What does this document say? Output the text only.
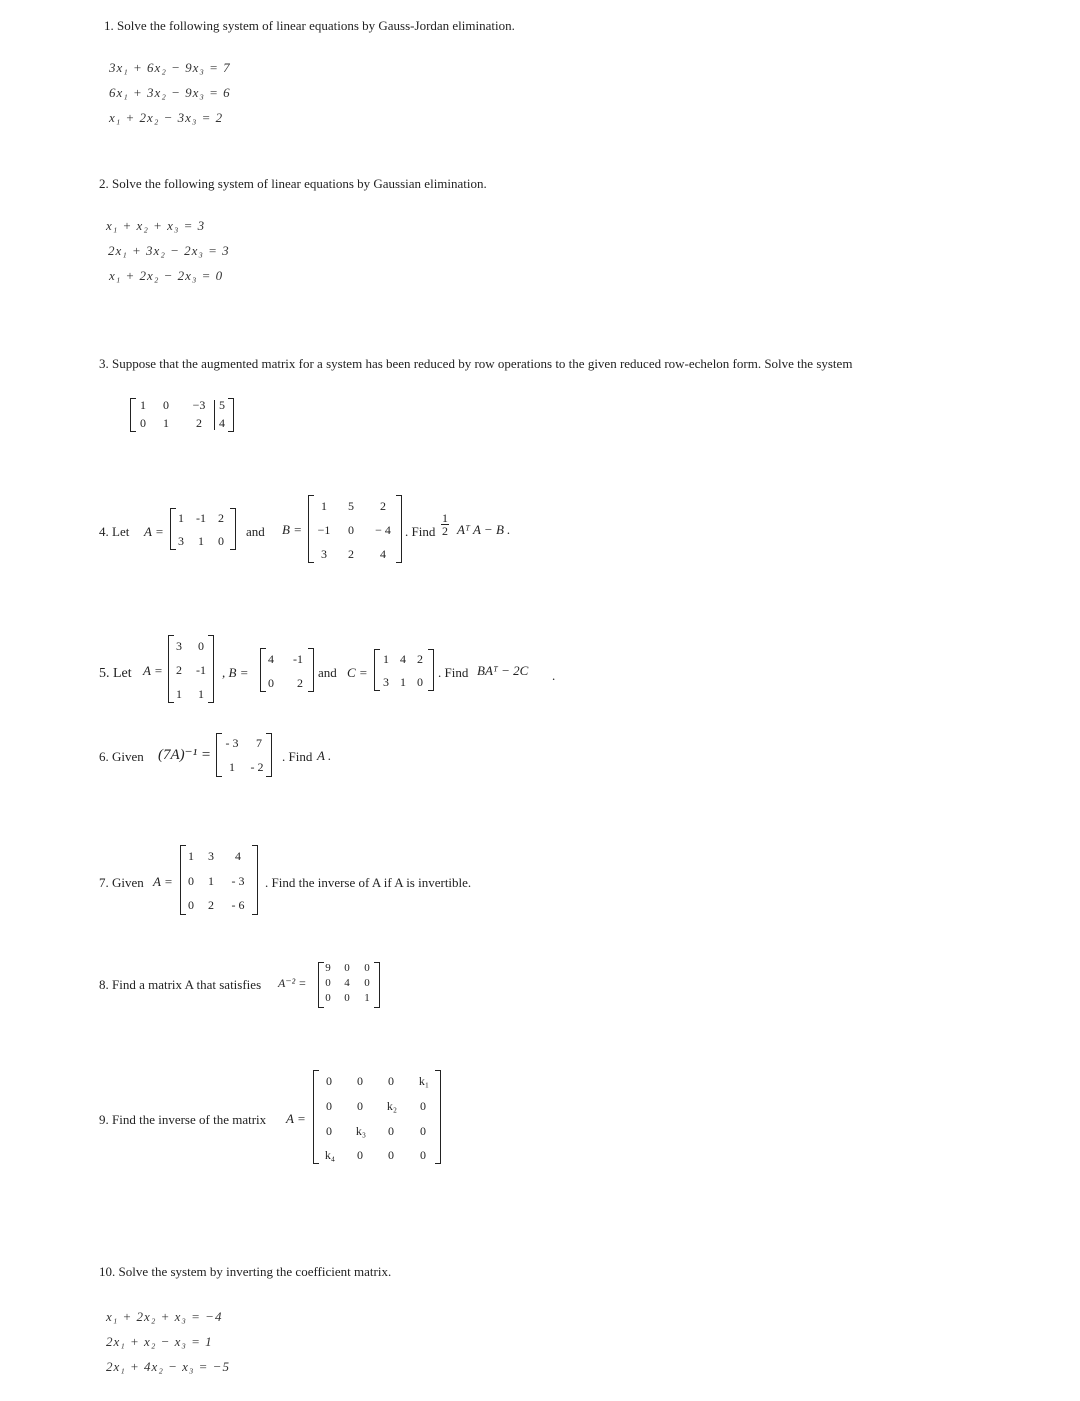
1. Solve the following system of linear equations by Gauss-Jordan elimination.
3x₁ + 6x₂ − 9x₃ = 7
6x₁ + 3x₂ − 9x₃ = 6
x₁ + 2x₂ − 3x₃ = 2
2. Solve the following system of linear equations by Gaussian elimination.
x₁ + x₂ + x₃ = 3
2x₁ + 3x₂ − 2x₃ = 3
x₁ + 2x₂ − 2x₃ = 0
3. Suppose that the augmented matrix for a system has been reduced by row operations to the given reduced row-echelon form. Solve the system
1	0	−3	5
0	1	2	4
4. Let A =
1	-1	2
3	1	0
and B =
1	5	2
−1	0	− 4
3	2	4
. Find $\frac{1}{2}$ Aᵀ A − B .
5. Let A =
3	0
2	-1
1	1
, B =
4	-1
0	2
and C =
1 4 2
3 1 0
. Find BAᵀ − 2C .
6. Given (7A)⁻¹ =
- 3	7
1	- 2
. Find A .
7. Given A =
1	3	4
0	1	- 3
0	2	- 6
. Find the inverse of A if A is invertible.
8. Find a matrix A that satisfies A⁻² =
9 0 0
0 4 0
0 0 1
9. Find the inverse of the matrix A =
0	0	0	k₁
0	0	k₂	0
0	k₃	0	0
k₄	0	0	0
10. Solve the system by inverting the coefficient matrix.
x₁ + 2x₂ + x₃ = −4
2x₁ + x₂ − x₃ = 1
2x₁ + 4x₂ − x₃ = −5
